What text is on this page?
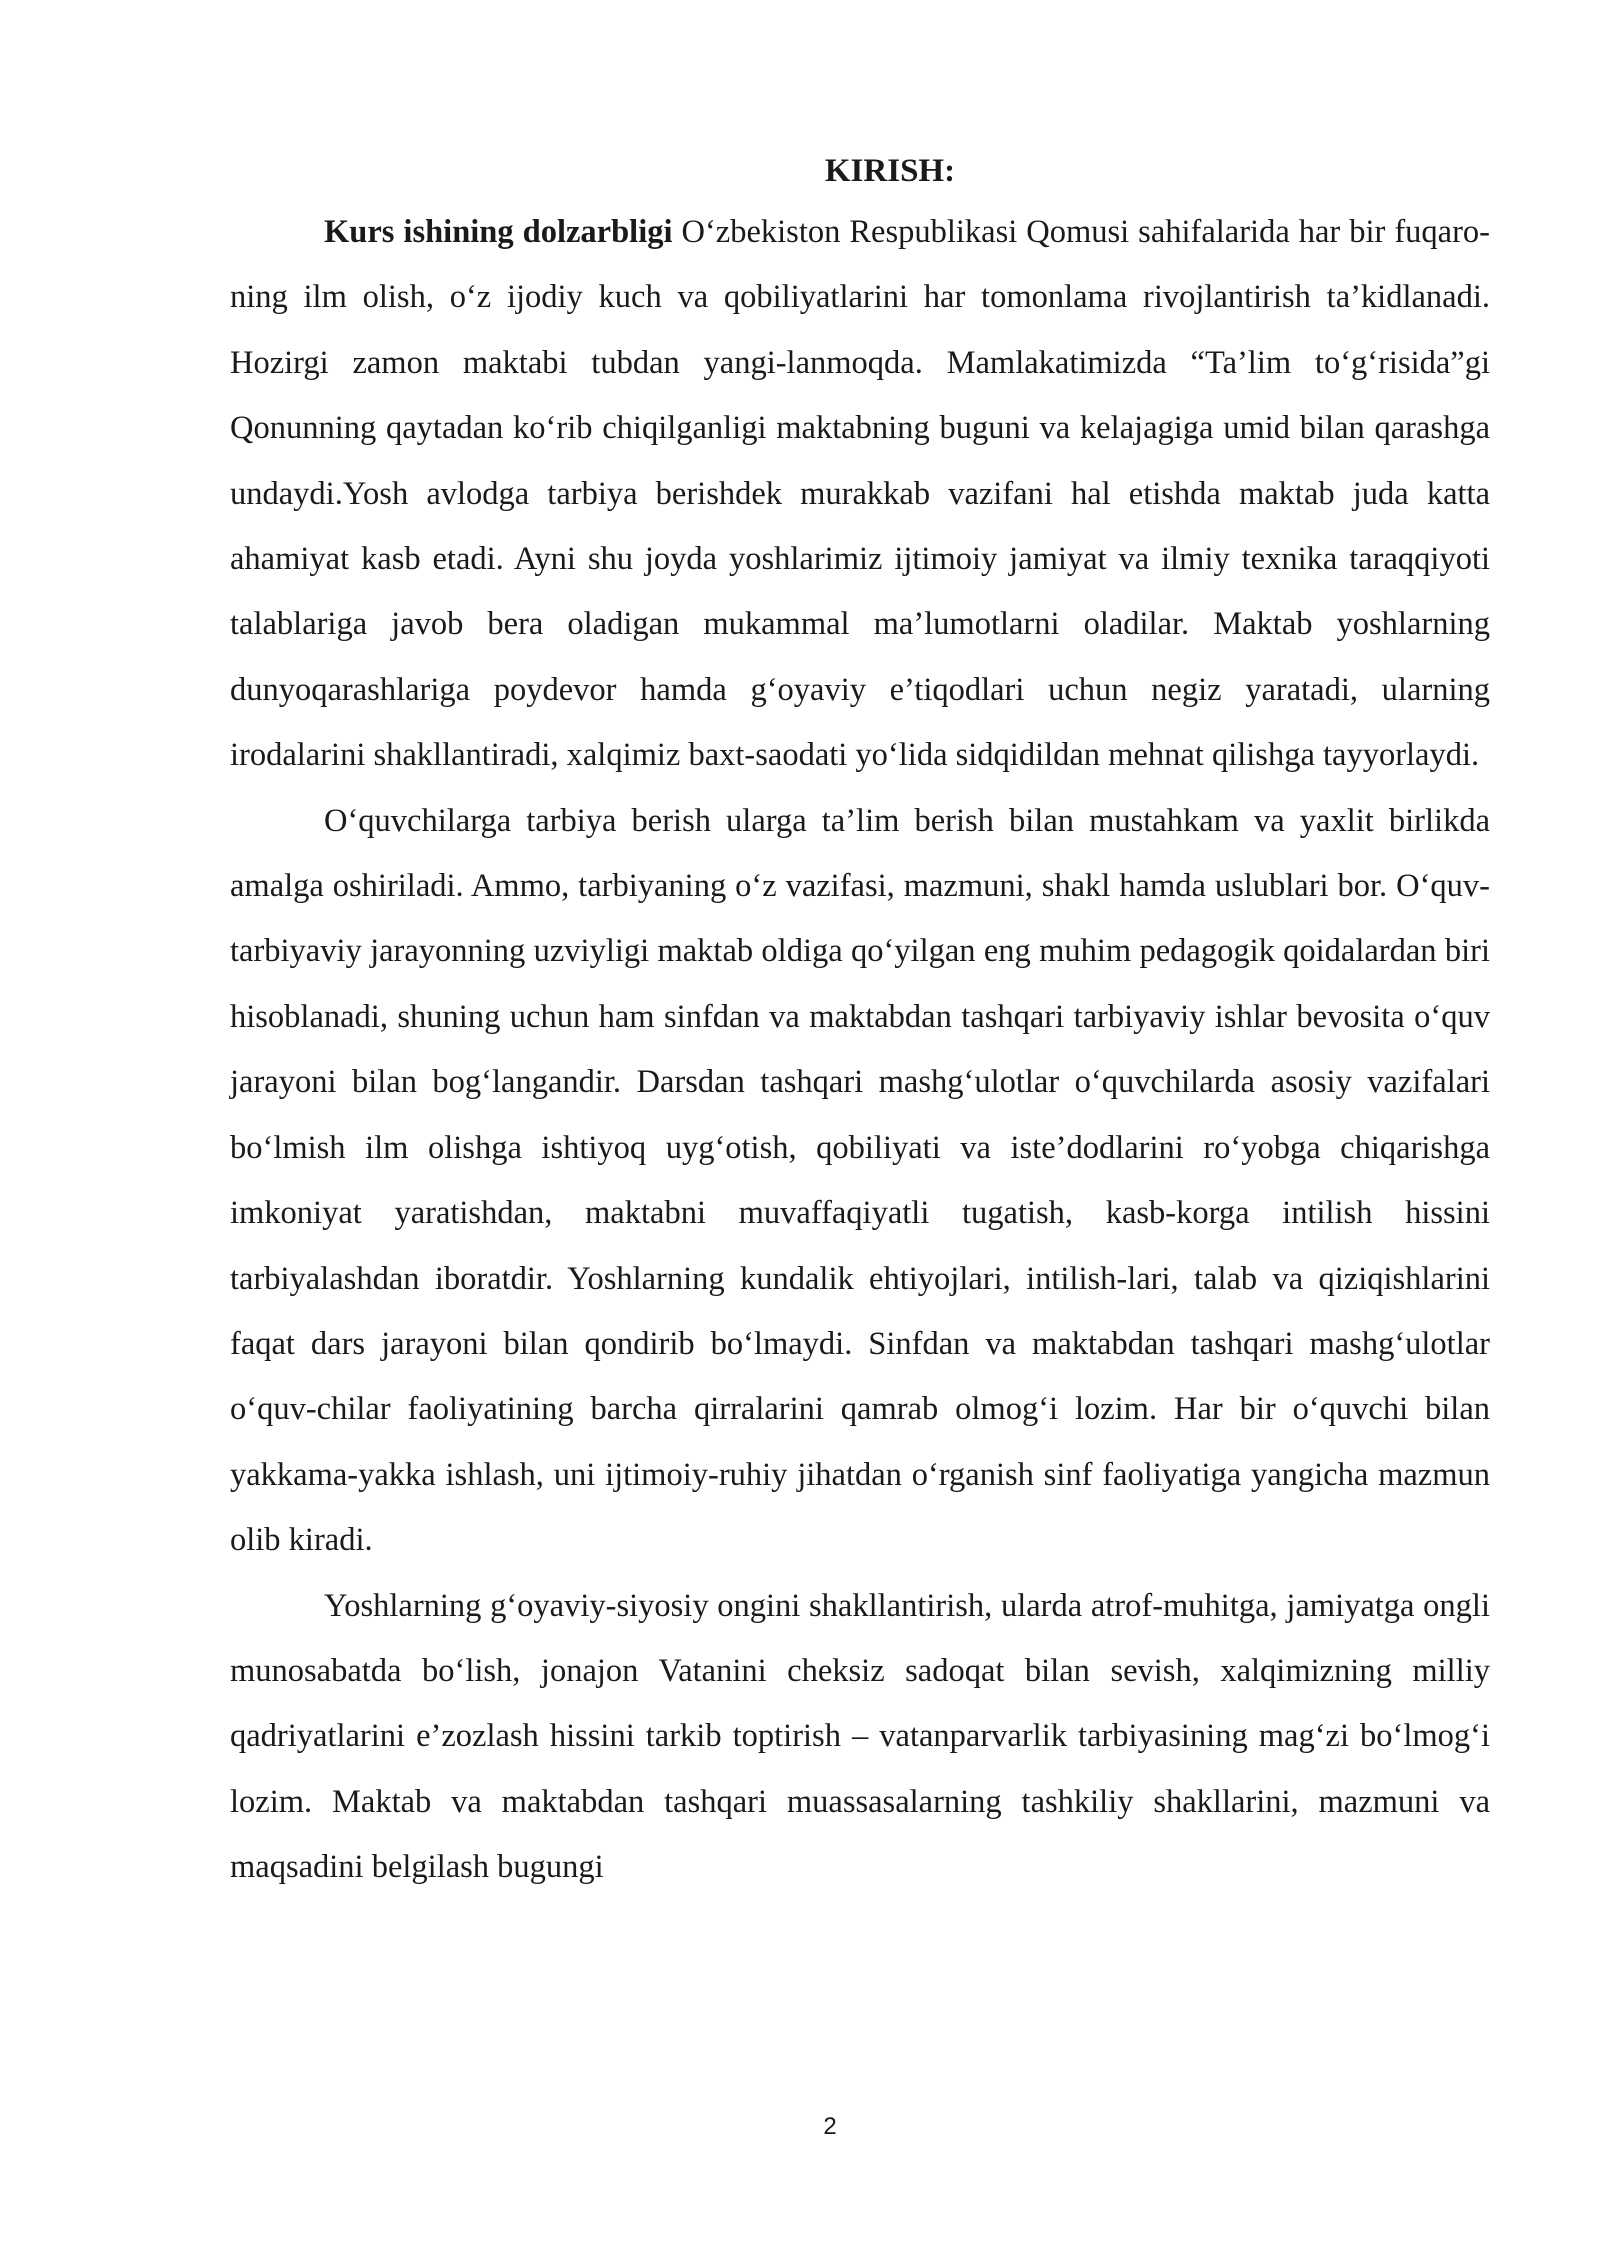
KIRISH:

Kurs ishining dolzarbligi O‘zbekiston Respublikasi Qomusi sahifalarida har bir fuqaro-ning ilm olish, o‘z ijodiy kuch va qobiliyatlarini har tomonlama rivojlantirish ta’kidlanadi. Hozirgi zamon maktabi tubdan yangi-lanmoqda. Mamlakatimizda “Ta’lim to‘g‘risida”gi Qonunning qaytadan ko‘rib chiqilganligi maktabning buguni va kelajagiga umid bilan qarashga undaydi.Yosh avlodga tarbiya berishdek murakkab vazifani hal etishda maktab juda katta ahamiyat kasb etadi. Ayni shu joyda yoshlarimiz ijtimoiy jamiyat va ilmiy texnika taraqqiyoti talablariga javob bera oladigan mukammal ma’lumotlarni oladilar. Maktab yoshlarning dunyoqarashlariga poydevor hamda g‘oyaviy e’tiqodlari uchun negiz yaratadi, ularning irodalarini shakllantiradi, xalqimiz baxt-saodati yo‘lida sidqidildan mehnat qilishga tayyorlaydi.

O‘quvchilarga tarbiya berish ularga ta’lim berish bilan mustahkam va yaxlit birlikda amalga oshiriladi. Ammo, tarbiyaning o‘z vazifasi, mazmuni, shakl hamda uslublari bor. O‘quv-tarbiyaviy jarayonning uzviyligi maktab oldiga qo‘yilgan eng muhim pedagogik qoidalardan biri hisoblanadi, shuning uchun ham sinfdan va maktabdan tashqari tarbiyaviy ishlar bevosita o‘quv jarayoni bilan bog‘langandir. Darsdan tashqari mashg‘ulotlar o‘quvchilarda asosiy vazifalari bo‘lmish ilm olishga ishtiyoq uyg‘otish, qobiliyati va iste’dodlarini ro‘yobga chiqarishga imkoniyat yaratishdan, maktabni muvaffaqiyatli tugatish, kasb-korga intilish hissini tarbiyalashdan iboratdir. Yoshlarning kundalik ehtiyojlari, intilish-lari, talab va qiziqishlarini faqat dars jarayoni bilan qondirib bo‘lmaydi. Sinfdan va maktabdan tashqari mashg‘ulotlar o‘quv-chilar faoliyatining barcha qirralarini qamrab olmog‘i lozim. Har bir o‘quvchi bilan yakkama-yakka ishlash, uni ijtimoiy-ruhiy jihatdan o‘rganish sinf faoliyatiga yangicha mazmun olib kiradi.

Yoshlarning g‘oyaviy-siyosiy ongini shakllantirish, ularda atrof-muhitga, jamiyatga ongli munosabatda bo‘lish, jonajon Vatanini cheksiz sadoqat bilan sevish, xalqimizning milliy qadriyatlarini e’zozlash hissini tarkib toptirish – vatanparvarlik tarbiyasining mag‘zi bo‘lmog‘i lozim. Maktab va maktabdan tashqari muassasalarning tashkiliy shakllarini, mazmuni va maqsadini belgilash bugungi

2
